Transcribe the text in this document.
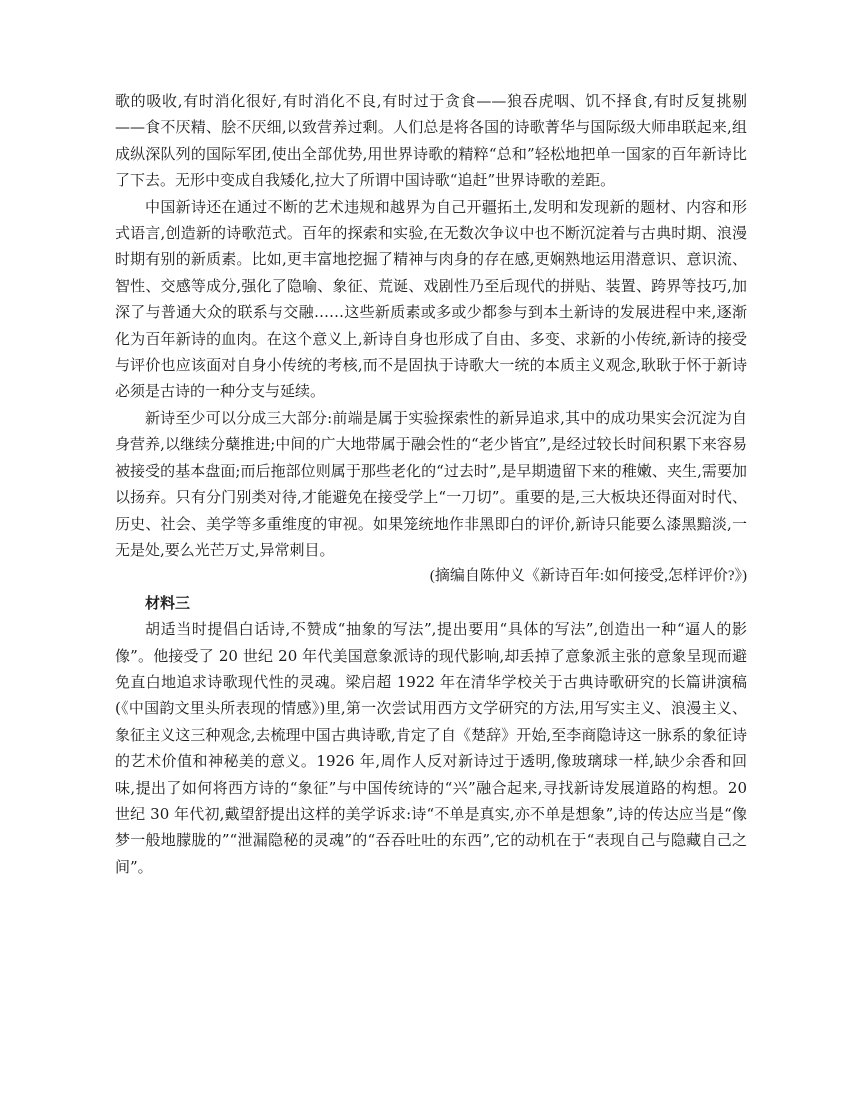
歌的吸收,有时消化很好,有时消化不良,有时过于贪食——狼吞虎咽、饥不择食,有时反复挑剔——食不厌精、脍不厌细,以致营养过剩。人们总是将各国的诗歌菁华与国际级大师串联起来,组成纵深队列的国际军团,使出全部优势,用世界诗歌的精粹“总和”轻松地把单一国家的百年新诗比了下去。无形中变成自我矮化,拉大了所谓中国诗歌“追赶”世界诗歌的差距。

中国新诗还在通过不断的艺术违规和越界为自己开疆拓土,发明和发现新的题材、内容和形式语言,创造新的诗歌范式。百年的探索和实验,在无数次争议中也不断沉淀着与古典时期、浪漫时期有别的新质素。比如,更丰富地挖掘了精神与肉身的存在感,更娴熟地运用潜意识、意识流、智性、交感等成分,强化了隐喻、象征、荒诞、戏剧性乃至后现代的拼贴、装置、跨界等技巧,加深了与普通大众的联系与交融……这些新质素或多或少都参与到本土新诗的发展进程中来,逐渐化为百年新诗的血肉。在这个意义上,新诗自身也形成了自由、多变、求新的小传统,新诗的接受与评价也应该面对自身小传统的考核,而不是固执于诗歌大一统的本质主义观念,耿耿于怀于新诗必须是古诗的一种分支与延续。

新诗至少可以分成三大部分:前端是属于实验探索性的新异追求,其中的成功果实会沉淀为自身营养,以继续分蘖推进;中间的广大地带属于融会性的“老少皆宜”,是经过较长时间积累下来容易被接受的基本盘面;而后拖部位则属于那些老化的“过去时”,是早期遗留下来的稚嫩、夹生,需要加以扬弃。只有分门别类对待,才能避免在接受学上“一刀切”。重要的是,三大板块还得面对时代、历史、社会、美学等多重维度的审视。如果笼统地作非黑即白的评价,新诗只能要么漆黑黯淡,一无是处,要么光芒万丈,异常刺目。

(摘编自陈仲义《新诗百年:如何接受,怎样评价?》)

材料三

胡适当时提倡白话诗,不赞成“抽象的写法”,提出要用“具体的写法”,创造出一种“逼人的影像”。他接受了 20 世纪 20 年代美国意象派诗的现代影响,却丢掉了意象派主张的意象呈现而避免直白地追求诗歌现代性的灵魂。梁启超 1922 年在清华学校关于古典诗歌研究的长篇讲演稿(《中国韵文里头所表现的情感》)里,第一次尝试用西方文学研究的方法,用写实主义、浪漫主义、象征主义这三种观念,去梳理中国古典诗歌,肯定了自《楚辞》开始,至李商隐诗这一脉系的象征诗的艺术价值和神秘美的意义。1926 年,周作人反对新诗过于透明,像玻璃球一样,缺少余香和回味,提出了如何将西方诗的“象征”与中国传统诗的“兴”融合起来,寻找新诗发展道路的构想。20 世纪 30 年代初,戴望舒提出这样的美学诉求:诗“不单是真实,亦不单是想象”,诗的传达应当是“像梦一般地朦胧的”“泄漏隐秘的灵魂”的“吞吞吐吐的东西”,它的动机在于“表现自己与隐藏自己之间”。
